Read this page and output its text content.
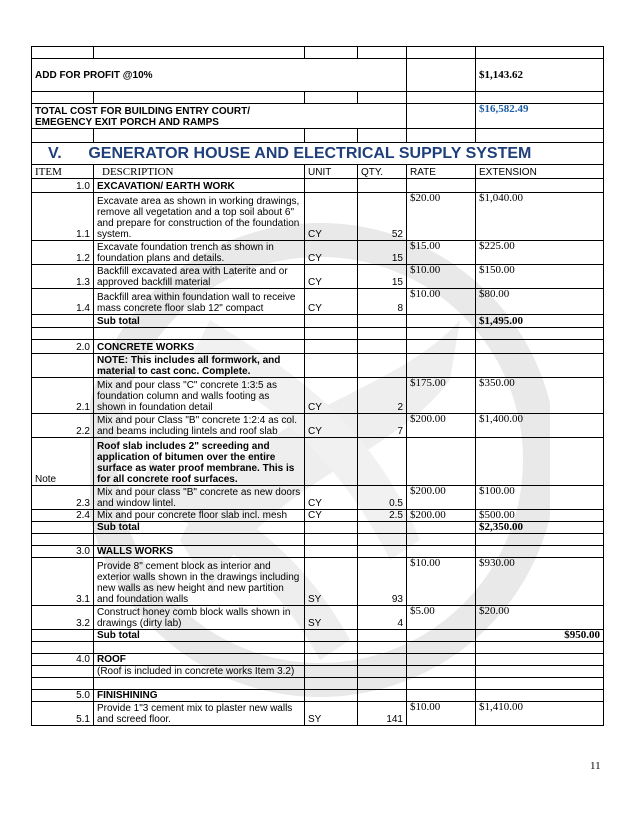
ADD FOR PROFIT @10%					$1,143.62

TOTAL COST FOR BUILDING ENTRY COURT/
EMEGENCY EXIT PORCH AND RAMPS					$16,582.49

V.      GENERATOR HOUSE AND ELECTRICAL SUPPLY SYSTEM					
ITEM	DESCRIPTION	UNIT	QTY.	RATE	EXTENSION
1.0	EXCAVATION/ EARTH WORK				
1.1	Excavate area as shown in working drawings, remove all vegetation and a top soil about 6" and prepare for construction of the foundation system.	CY	52	$20.00	$1,040.00
1.2	Excavate foundation trench as shown in foundation plans and details.	CY	15	$15.00	$225.00
1.3	Backfill excavated area with Laterite and or approved backfill material	CY	15	$10.00	$150.00
1.4	Backfill area within foundation wall to receive mass concrete floor slab 12" compact	CY	8	$10.00	$80.00
	Sub total				$1,495.00

2.0	CONCRETE WORKS				
	NOTE: This includes all formwork, and material to cast conc. Complete.				
2.1	Mix and pour class "C" concrete 1:3:5 as foundation column and walls footing as shown in foundation detail	CY	2	$175.00	$350.00
2.2	Mix and pour Class "B" concrete 1:2:4 as col. and beams including lintels and roof slab	CY	7	$200.00	$1,400.00
Note	Roof slab includes 2" screeding and application of bitumen over the entire surface as water proof membrane. This is for all concrete roof surfaces.				
2.3	Mix and pour class "B" concrete as new doors and window lintel.	CY	0.5	$200.00	$100.00
2.4	Mix and pour concrete floor slab incl. mesh	CY	2.5	$200.00	$500.00
	Sub total				$2,350.00

3.0	WALLS WORKS				
3.1	Provide 8" cement block as interior and exterior walls shown in the drawings including new walls as new height and new partition and foundation walls	SY	93	$10.00	$930.00
3.2	Construct honey comb block walls shown in drawings (dirty lab)	SY	4	$5.00	$20.00
	Sub total				$950.00

4.0	ROOF				
	(Roof is included in concrete works Item 3.2)				

5.0	FINISHINING				
5.1	Provide 1"3 cement mix to plaster new walls and screed floor.	SY	141	$10.00	$1,410.00
11
